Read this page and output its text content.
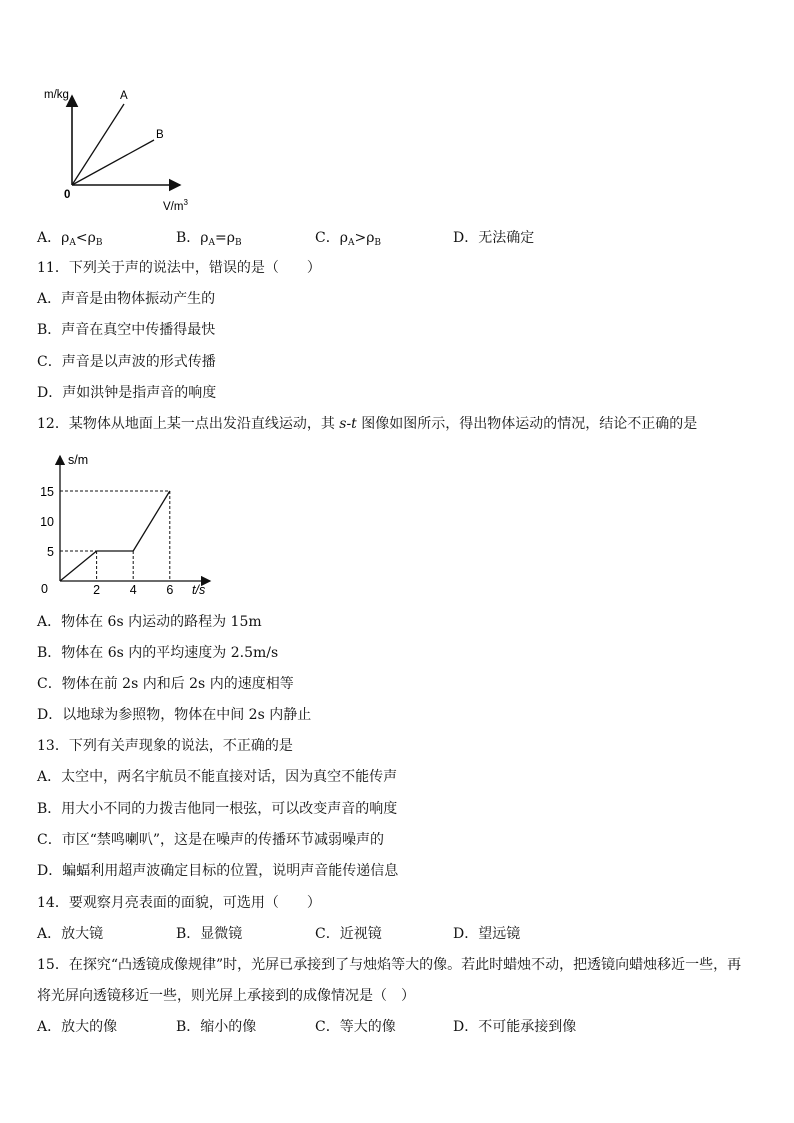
m/kg
0
A
B
$V/m^3$
A．$\rho_A<\rho_B$	B．$\rho_A=\rho_B$	C．$\rho_A>\rho_B$	D．无法确定
11．下列关于声的说法中，错误的是（　　）
A．声音是由物体振动产生的
B．声音在真空中传播得最快
C．声音是以声波的形式传播
D．声如洪钟是指声音的响度
12．某物体从地面上某一点出发沿直线运动，其 s-t 图像如图所示，得出物体运动的情况，结论不正确的是
15
10
5
0	2 4 6
s/m
t/s
A．物体在 6s 内运动的路程为 15m
B．物体在 6s 内的平均速度为 2.5m/s
C．物体在前 2s 内和后 2s 内的速度相等
D．以地球为参照物，物体在中间 2s 内静止
13．下列有关声现象的说法，不正确的是
A．太空中，两名宇航员不能直接对话，因为真空不能传声
B．用大小不同的力拨吉他同一根弦，可以改变声音的响度
C．市区“禁鸣喇叭”，这是在噪声的传播环节减弱噪声的
D．蝙蝠利用超声波确定目标的位置，说明声音能传递信息
14．要观察月亮表面的面貌，可选用（　　）
A．放大镜	B．显微镜	C．近视镜	D．望远镜
15．在探究“凸透镜成像规律”时，光屏已承接到了与烛焰等大的像。若此时蜡烛不动，把透镜向蜡烛移近一些，再
将光屏向透镜移近一些，则光屏上承接到的成像情况是（　）
A．放大的像	B．缩小的像	C．等大的像	D．不可能承接到像
